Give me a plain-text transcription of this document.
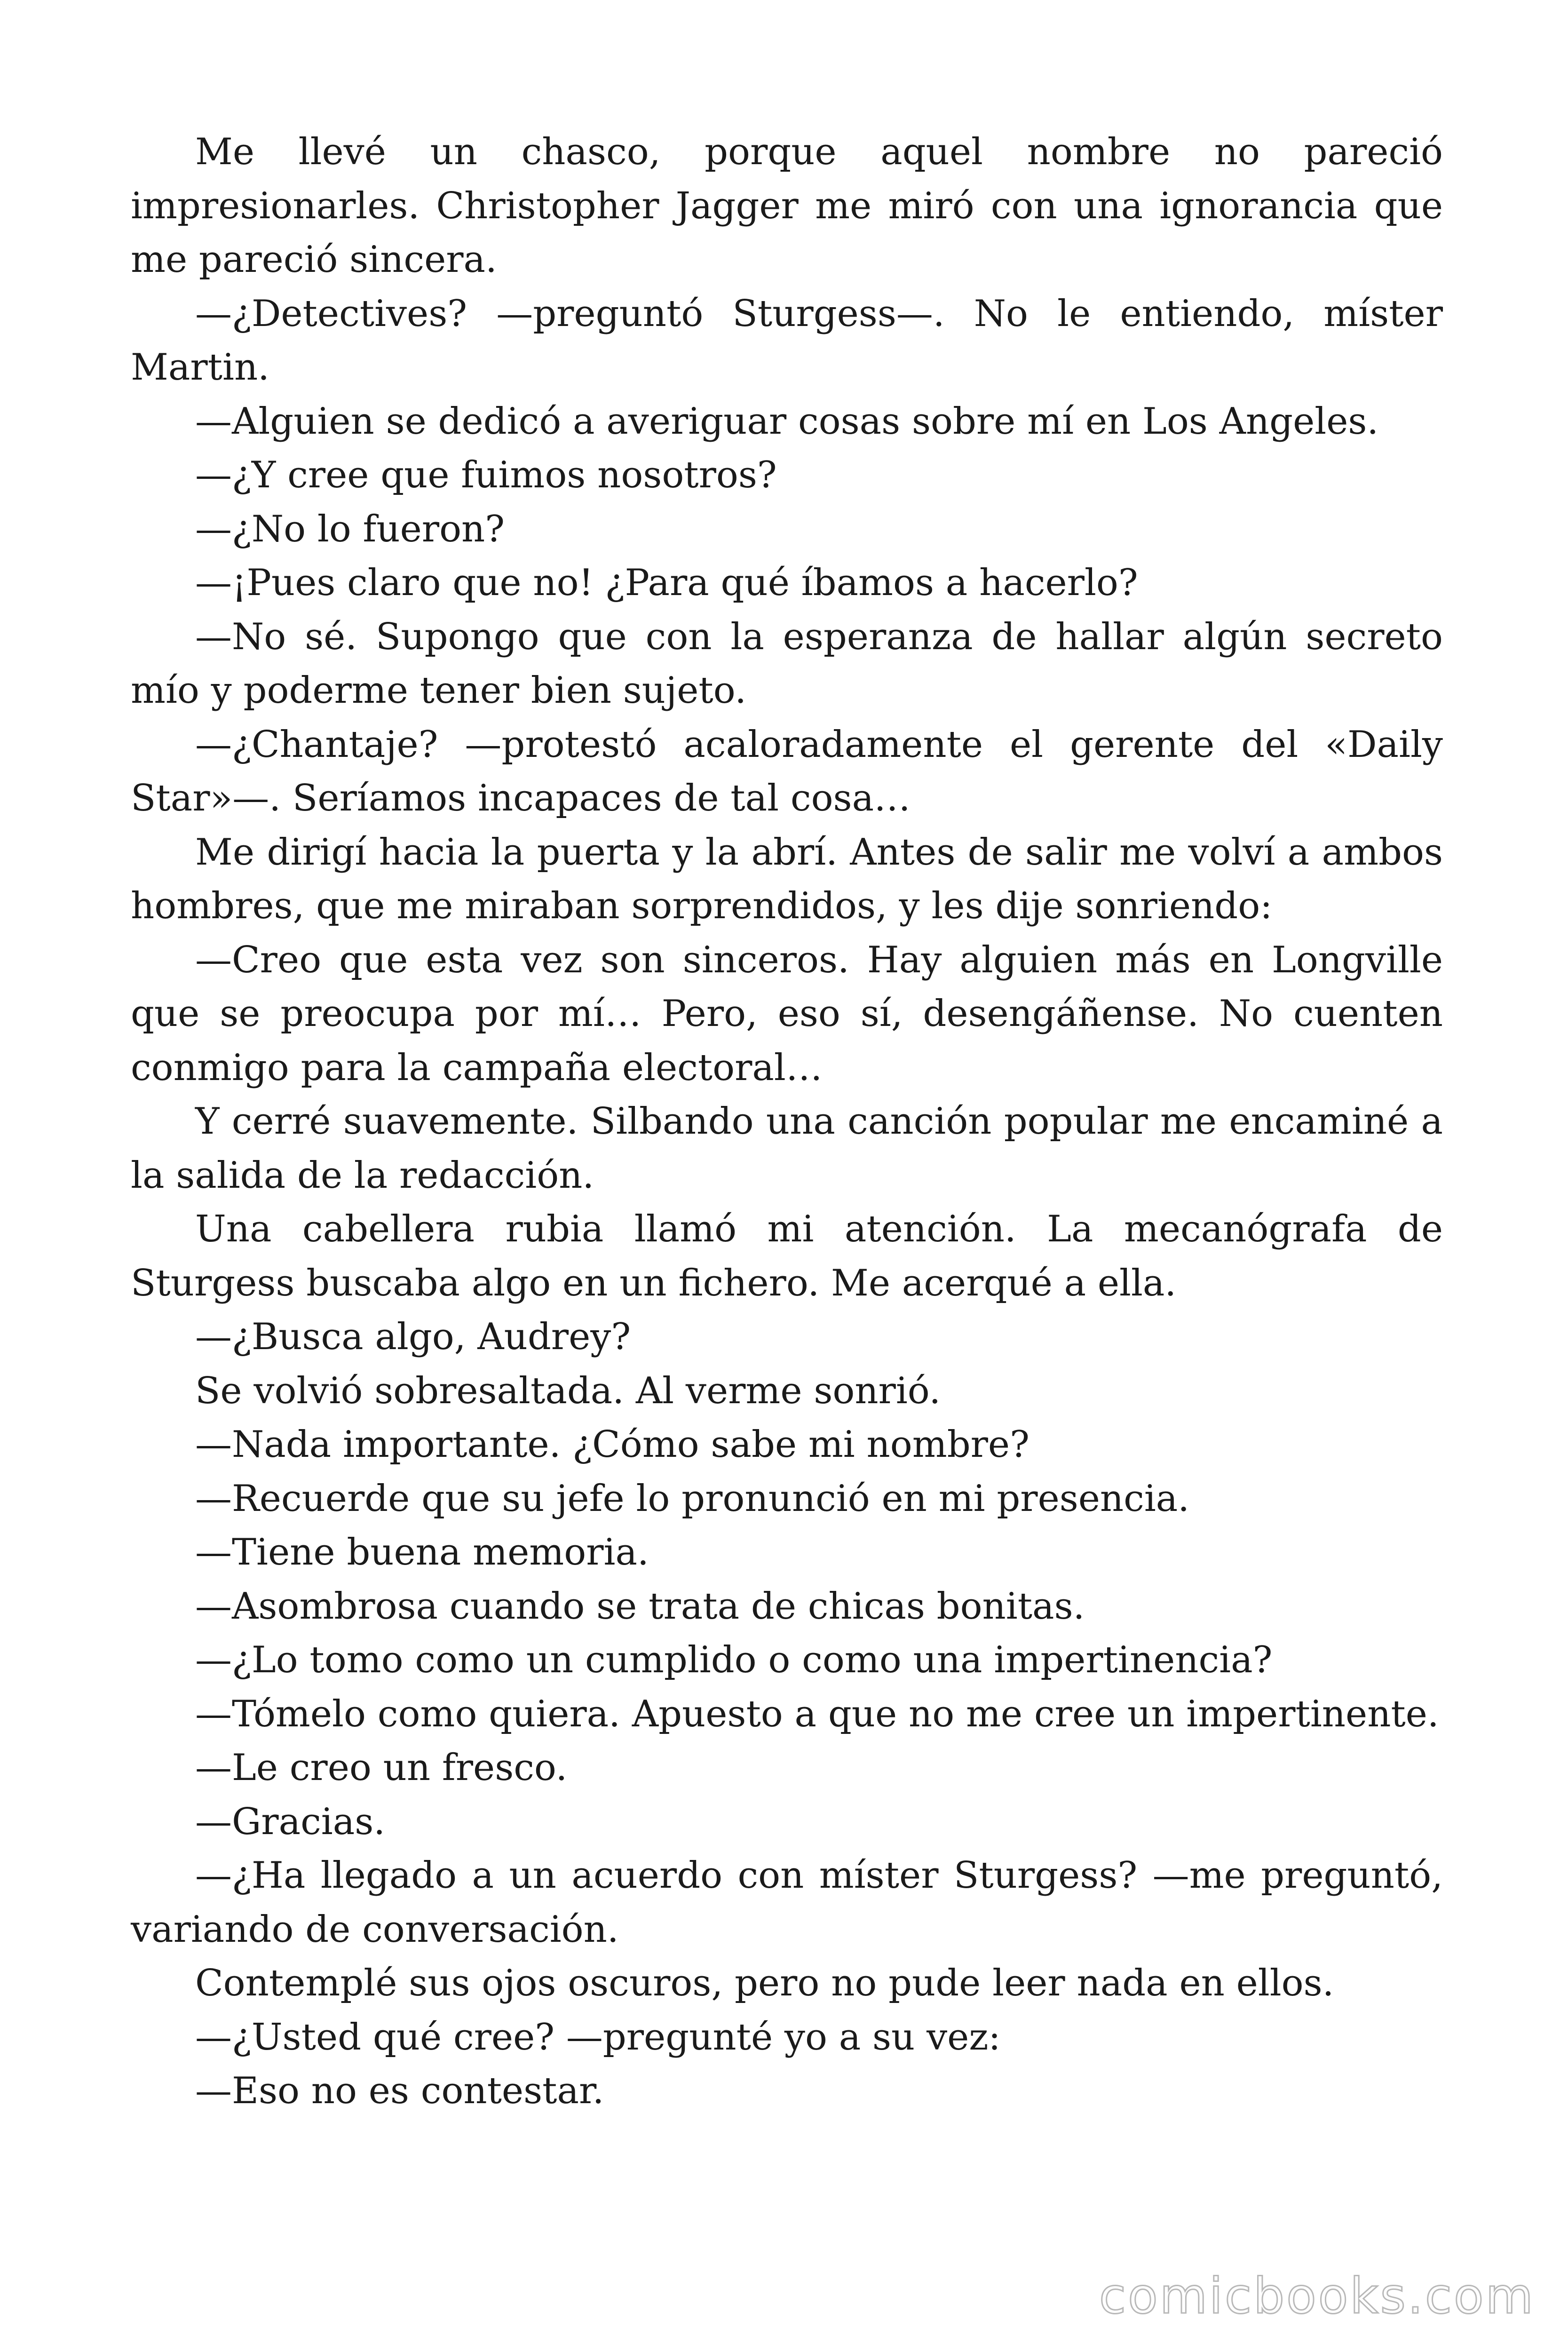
Me llevé un chasco, porque aquel nombre no pareció impresionarles. Christopher Jagger me miró con una ignorancia que me pareció sincera.

—¿Detectives? —preguntó Sturgess—. No le entiendo, míster Martin.

—Alguien se dedicó a averiguar cosas sobre mí en Los Angeles.

—¿Y cree que fuimos nosotros?

—¿No lo fueron?

—¡Pues claro que no! ¿Para qué íbamos a hacerlo?

—No sé. Supongo que con la esperanza de hallar algún secreto mío y poderme tener bien sujeto.

—¿Chantaje? —protestó acaloradamente el gerente del «Daily Star»—. Seríamos incapaces de tal cosa…

Me dirigí hacia la puerta y la abrí. Antes de salir me volví a ambos hombres, que me miraban sorprendidos, y les dije sonriendo:

—Creo que esta vez son sinceros. Hay alguien más en Longville que se preocupa por mí… Pero, eso sí, desengáñense. No cuenten conmigo para la campaña electoral…

Y cerré suavemente. Silbando una canción popular me encaminé a la salida de la redacción.

Una cabellera rubia llamó mi atención. La mecanógrafa de Sturgess buscaba algo en un fichero. Me acerqué a ella.

—¿Busca algo, Audrey?

Se volvió sobresaltada. Al verme sonrió.

—Nada importante. ¿Cómo sabe mi nombre?

—Recuerde que su jefe lo pronunció en mi presencia.

—Tiene buena memoria.

—Asombrosa cuando se trata de chicas bonitas.

—¿Lo tomo como un cumplido o como una impertinencia?

—Tómelo como quiera. Apuesto a que no me cree un impertinente.

—Le creo un fresco.

—Gracias.

—¿Ha llegado a un acuerdo con míster Sturgess? —me preguntó, variando de conversación.

Contemplé sus ojos oscuros, pero no pude leer nada en ellos.

—¿Usted qué cree? —pregunté yo a su vez:

—Eso no es contestar.

comicbooks.com
